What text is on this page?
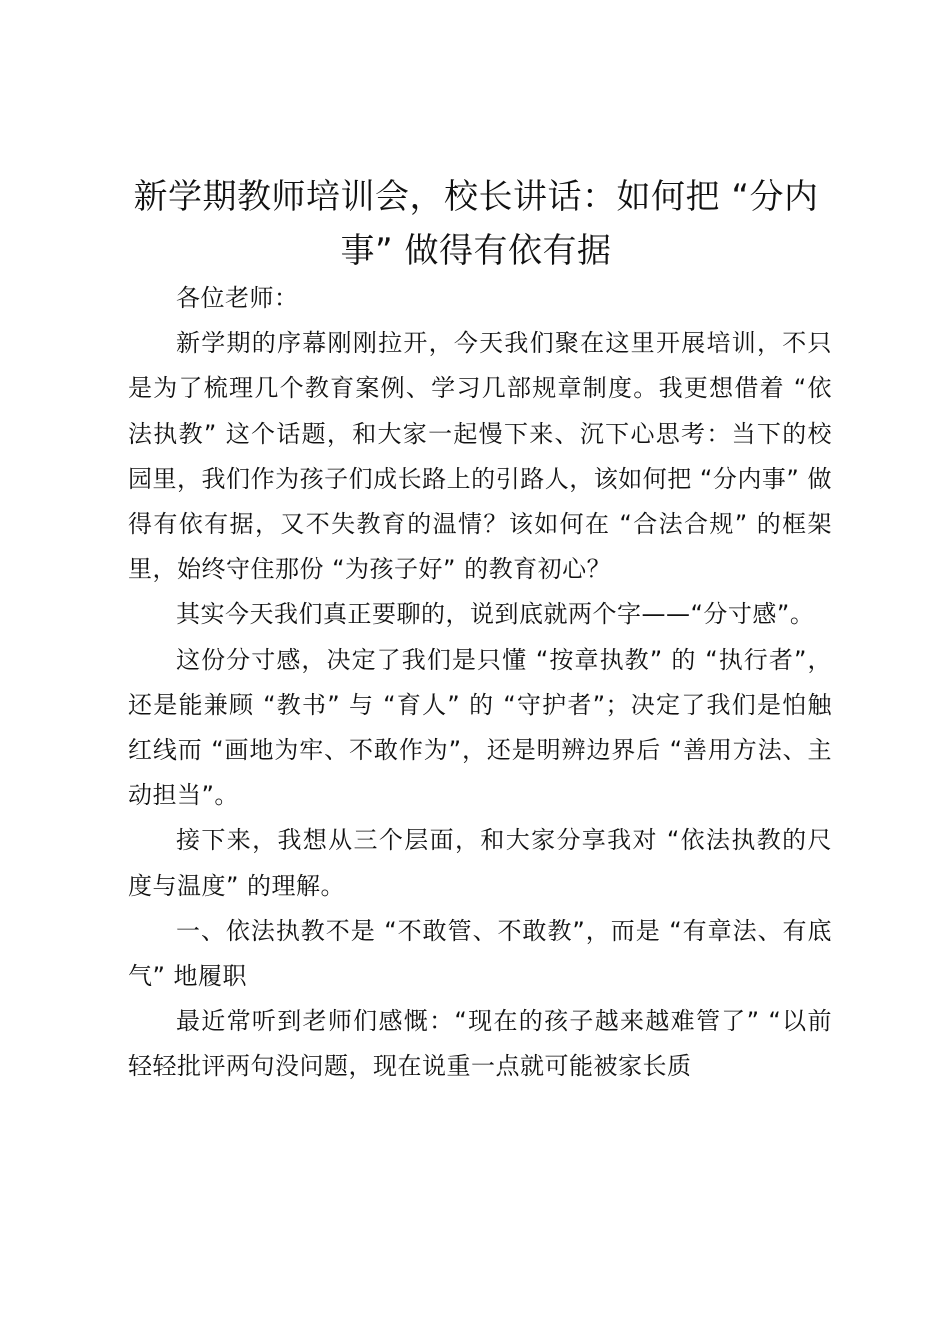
新学期教师培训会，校长讲话：如何把 “分内事” 做得有依有据

各位老师：

新学期的序幕刚刚拉开，今天我们聚在这里开展培训，不只是为了梳理几个教育案例、学习几部规章制度。我更想借着 “依法执教” 这个话题，和大家一起慢下来、沉下心思考：当下的校园里，我们作为孩子们成长路上的引路人，该如何把 “分内事” 做得有依有据，又不失教育的温情？该如何在 “合法合规” 的框架里，始终守住那份 “为孩子好” 的教育初心？

其实今天我们真正要聊的，说到底就两个字——“分寸感”。

这份分寸感，决定了我们是只懂 “按章执教” 的 “执行者”，还是能兼顾 “教书” 与 “育人” 的 “守护者”；决定了我们是怕触红线而 “画地为牢、不敢作为”，还是明辨边界后 “善用方法、主动担当”。

接下来，我想从三个层面，和大家分享我对 “依法执教的尺度与温度” 的理解。

一、依法执教不是 “不敢管、不敢教”，而是 “有章法、有底气” 地履职

最近常听到老师们感慨：“现在的孩子越来越难管了” “以前轻轻批评两句没问题，现在说重一点就可能被家长质
